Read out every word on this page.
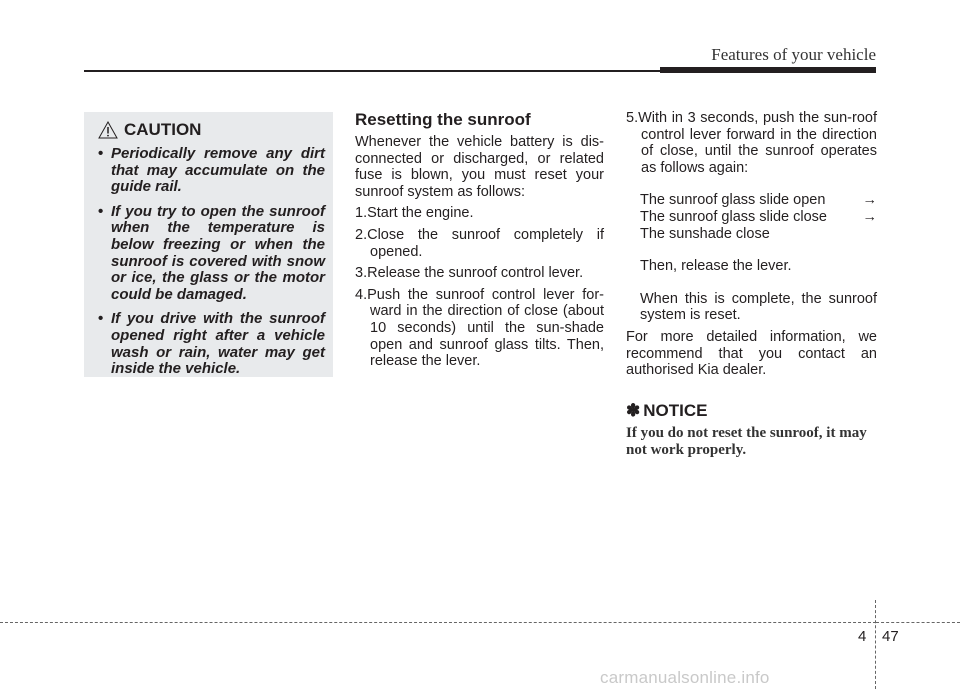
Features of your vehicle
CAUTION
• Periodically remove any dirt that may accumulate on the guide rail.
• If you try to open the sunroof when the temperature is below freezing or when the sunroof is covered with snow or ice, the glass or the motor could be damaged.
• If you drive with the sunroof opened right after a vehicle wash or rain, water may get inside the vehicle.
Resetting the sunroof

Whenever the vehicle battery is dis-connected or discharged, or related fuse is blown, you must reset your sunroof system as follows:

1.Start the engine.

2.Close the sunroof completely if opened.

3.Release the sunroof control lever.

4.Push the sunroof control lever for-ward in the direction of close (about 10 seconds) until the sun-shade open and sunroof glass tilts. Then, release the lever.

5.With in 3 seconds, push the sun-roof control lever forward in the direction of close, until the sunroof operates as follows again:

The sunroof glass slide open	→
The sunroof glass slide close →
The sunshade close

Then, release the lever.

When this is complete, the sunroof system is reset.

For more detailed information, we recommend that you contact an authorised Kia dealer.

✽ NOTICE

If you do not reset the sunroof, it may not work properly.

4 47
carmanualsonline.info
